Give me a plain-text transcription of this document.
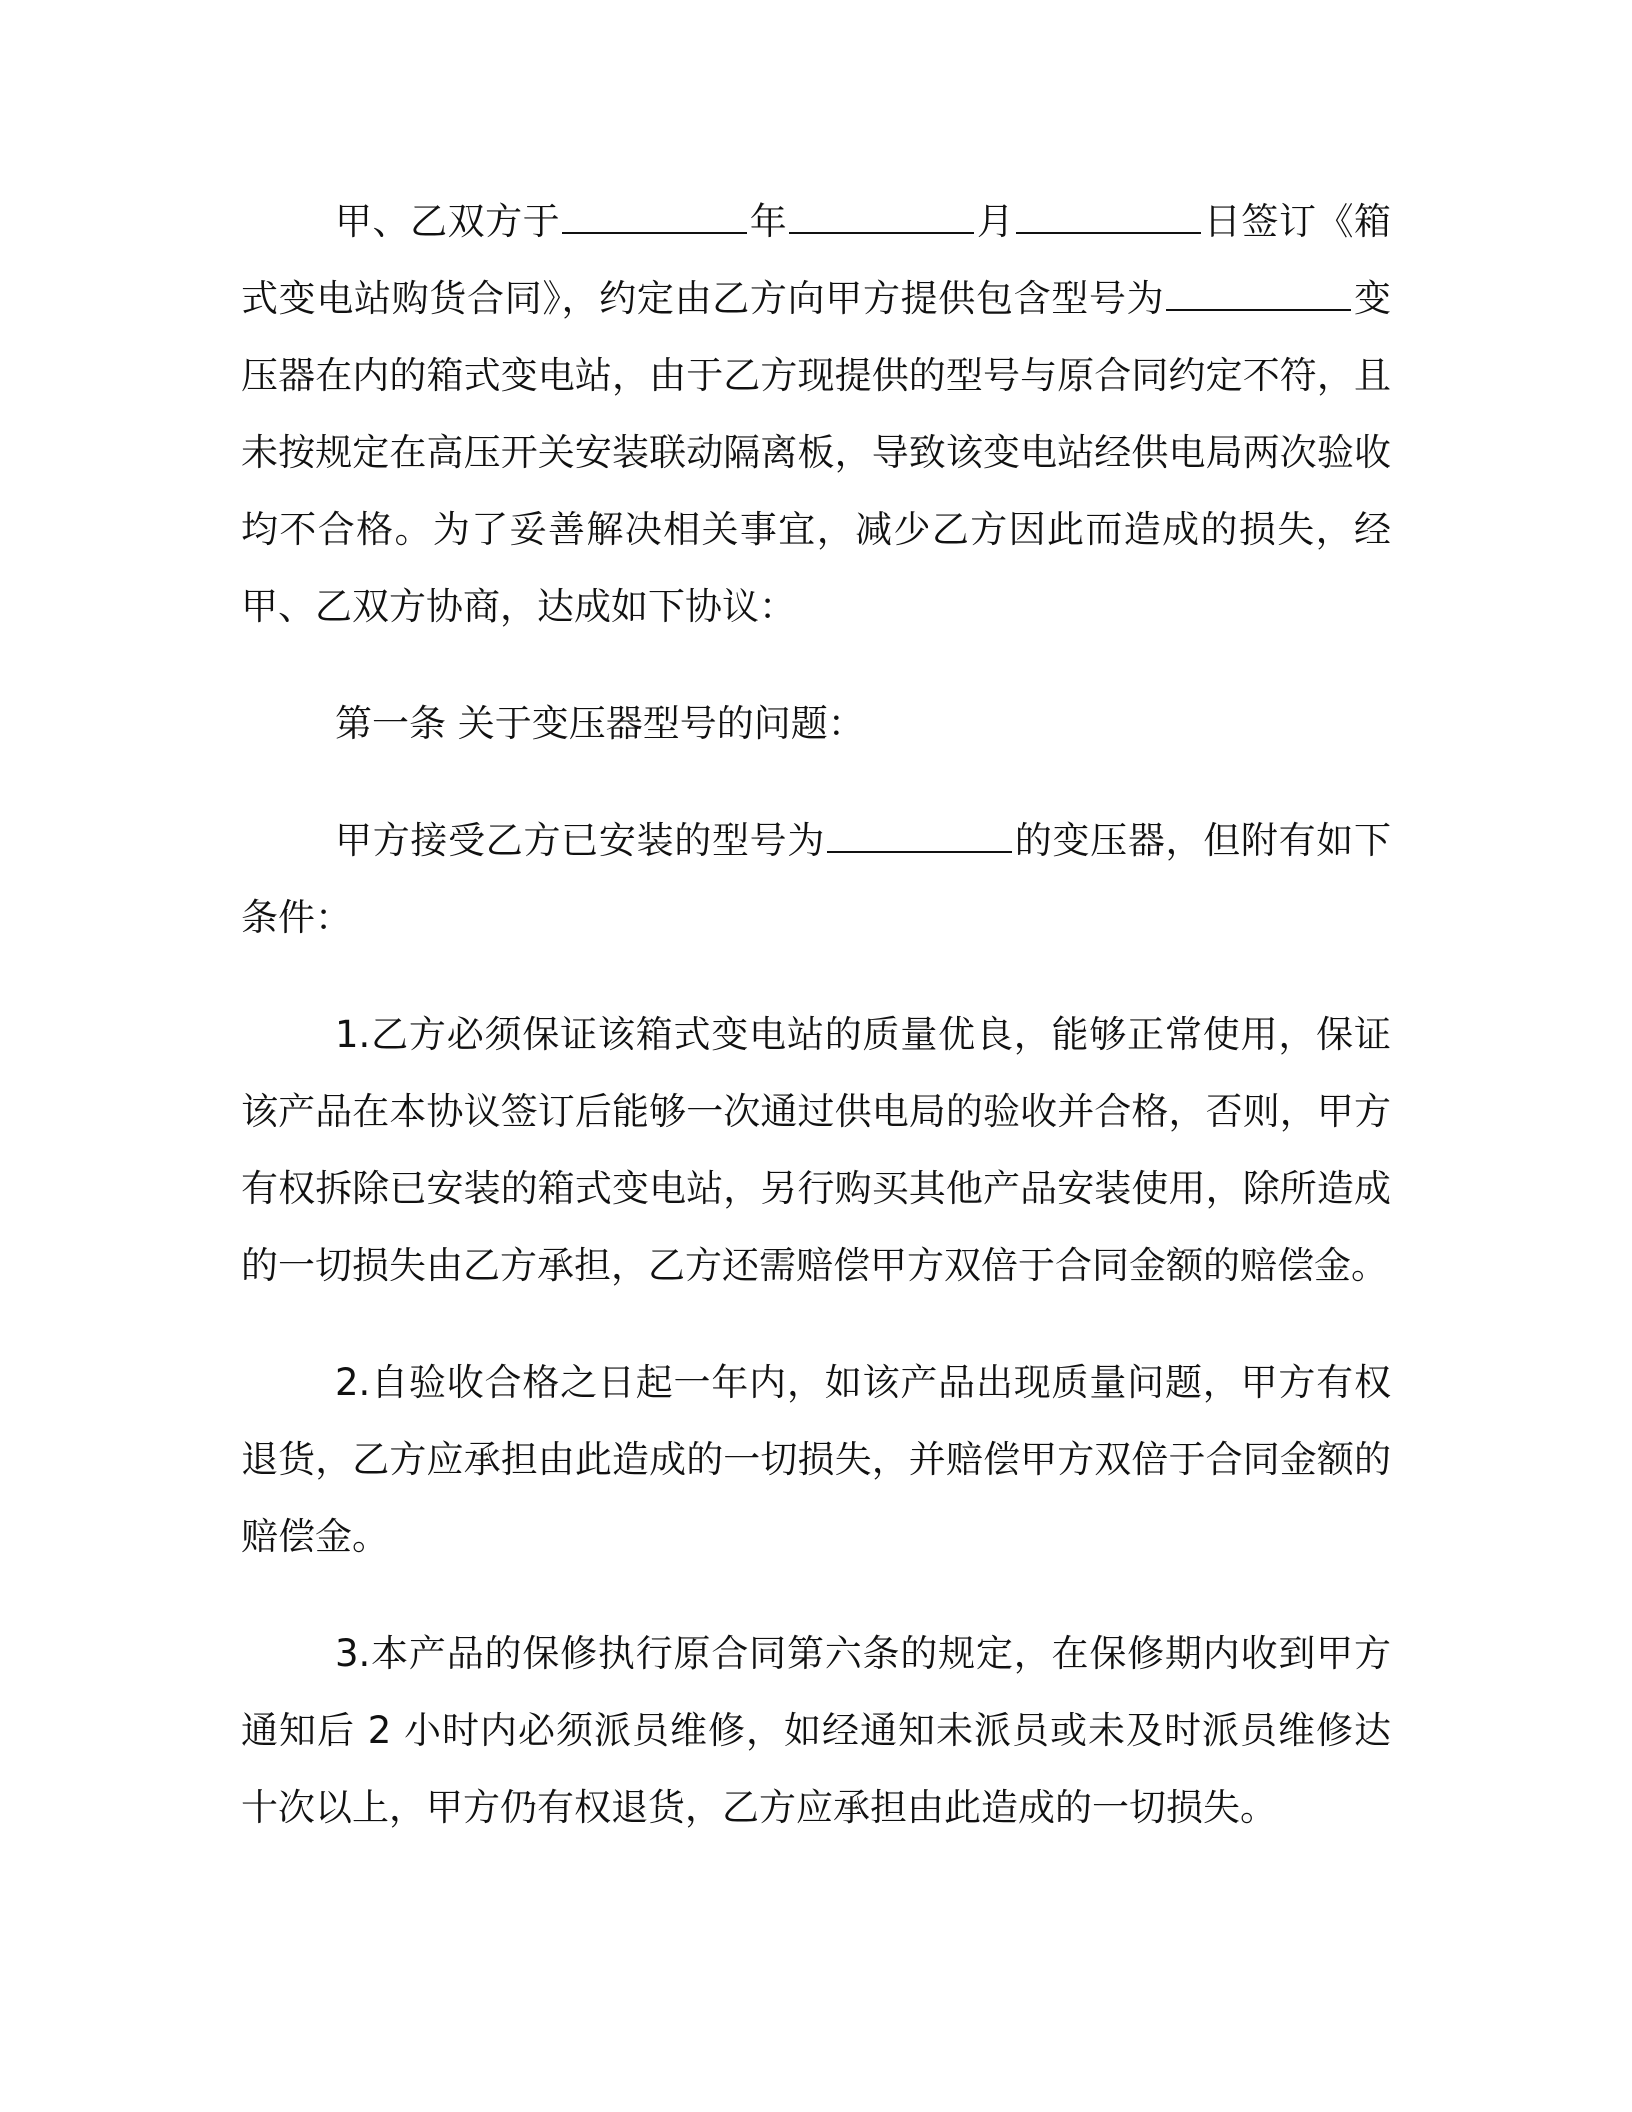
甲、乙双方于	年	月	日签订《箱式变电站购货合同》，约定由乙方向甲方提供包含型号为	变压器在内的箱式变电站，由于乙方现提供的型号与原合同约定不符，且未按规定在高压开关安装联动隔离板，导致该变电站经供电局两次验收均不合格。为了妥善解决相关事宜，减少乙方因此而造成的损失，经甲、乙双方协商，达成如下协议：

第一条 关于变压器型号的问题：

甲方接受乙方已安装的型号为	的变压器，但附有如下条件：

1.乙方必须保证该箱式变电站的质量优良，能够正常使用，保证该产品在本协议签订后能够一次通过供电局的验收并合格，否则，甲方有权拆除已安装的箱式变电站，另行购买其他产品安装使用，除所造成的一切损失由乙方承担，乙方还需赔偿甲方双倍于合同金额的赔偿金。

2.自验收合格之日起一年内，如该产品出现质量问题，甲方有权退货，乙方应承担由此造成的一切损失，并赔偿甲方双倍于合同金额的赔偿金。

3.本产品的保修执行原合同第六条的规定，在保修期内收到甲方通知后 2 小时内必须派员维修，如经通知未派员或未及时派员维修达十次以上，甲方仍有权退货，乙方应承担由此造成的一切损失。
